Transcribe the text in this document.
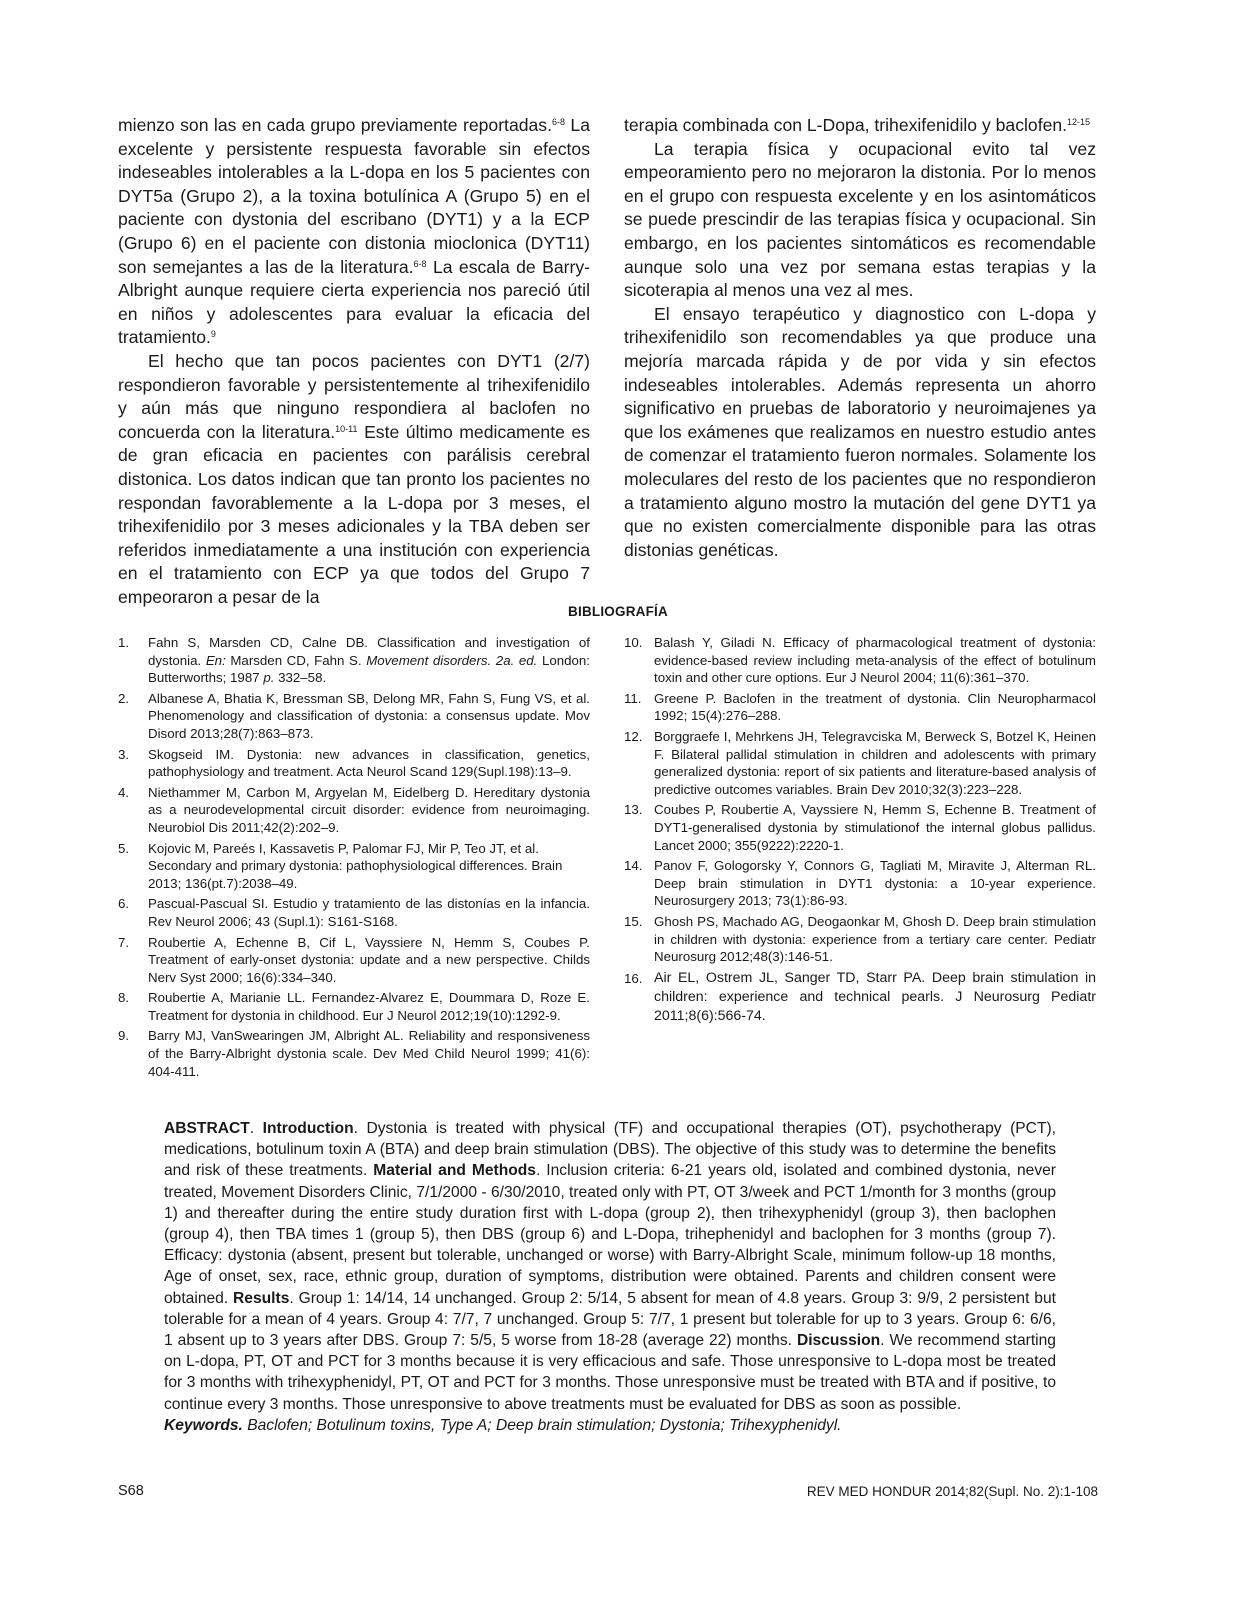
mienzo son las en cada grupo previamente reportadas.$^{6-8}$ La excelente y persistente respuesta favorable sin efectos indeseables intolerables a la L-dopa en los 5 pacientes con DYT5a (Grupo 2), a la toxina botulínica A (Grupo 5) en el paciente con dystonia del escribano (DYT1) y a la ECP (Grupo 6) en el paciente con distonia mioclonica (DYT11) son semejantes a las de la literatura.$^{6-8}$ La escala de Barry-Albright aunque requiere cierta experiencia nos pareció útil en niños y adolescentes para evaluar la eficacia del tratamiento.$^9$

El hecho que tan pocos pacientes con DYT1 (2/7) respondieron favorable y persistentemente al trihexifenidilo y aún más que ninguno respondiera al baclofen no concuerda con la literatura.$^{10-11}$ Este último medicamente es de gran eficacia en pacientes con parálisis cerebral distonica. Los datos indican que tan pronto los pacientes no respondan favorablemente a la L-dopa por 3 meses, el trihexifenidilo por 3 meses adicionales y la TBA deben ser referidos inmediatamente a una institución con experiencia en el tratamiento con ECP ya que todos del Grupo 7 empeoraron a pesar de la

terapia combinada con L-Dopa, trihexifenidilo y baclofen.$^{12-15}$

La terapia física y ocupacional evito tal vez empeoramiento pero no mejoraron la distonia. Por lo menos en el grupo con respuesta excelente y en los asintomáticos se puede prescindir de las terapias física y ocupacional. Sin embargo, en los pacientes sintomáticos es recomendable aunque solo una vez por semana estas terapias y la sicoterapia al menos una vez al mes.

El ensayo terapéutico y diagnostico con L-dopa y trihexifenidilo son recomendables ya que produce una mejoría marcada rápida y de por vida y sin efectos indeseables intolerables. Además representa un ahorro significativo en pruebas de laboratorio y neuroimajenes ya que los exámenes que realizamos en nuestro estudio antes de comenzar el tratamiento fueron normales. Solamente los moleculares del resto de los pacientes que no respondieron a tratamiento alguno mostro la mutación del gene DYT1 ya que no existen comercialmente disponible para las otras distonias genéticas.

BIBLIOGRAFÍA
1. Fahn S, Marsden CD, Calne DB. Classification and investigation of dystonia. En: Marsden CD, Fahn S. Movement disorders. 2a. ed. London: Butterworths; 1987 p. 332–58.
2. Albanese A, Bhatia K, Bressman SB, Delong MR, Fahn S, Fung VS, et al. Phenomenology and classification of dystonia: a consensus update. Mov Disord 2013;28(7):863–873.
3. Skogseid IM. Dystonia: new advances in classification, genetics, pathophysiology and treatment. Acta Neurol Scand 129(Supl.198):13–9.
4. Niethammer M, Carbon M, Argyelan M, Eidelberg D. Hereditary dystonia as a neurodevelopmental circuit disorder: evidence from neuroimaging. Neurobiol Dis 2011;42(2):202–9.
5. Kojovic M, Pareés I, Kassavetis P, Palomar FJ, Mir P, Teo JT, et al. Secondary and primary dystonia: pathophysiological differences. Brain 2013; 136(pt.7):2038–49.
6. Pascual-Pascual SI. Estudio y tratamiento de las distonías en la infancia. Rev Neurol 2006; 43 (Supl.1): S161-S168.
7. Roubertie A, Echenne B, Cif L, Vayssiere N, Hemm S, Coubes P. Treatment of early-onset dystonia: update and a new perspective. Childs Nerv Syst 2000; 16(6):334–340.
8. Roubertie A, Marianie LL. Fernandez-Alvarez E, Doummara D, Roze E. Treatment for dystonia in childhood. Eur J Neurol 2012;19(10):1292-9.
9. Barry MJ, VanSwearingen JM, Albright AL. Reliability and responsiveness of the Barry-Albright dystonia scale. Dev Med Child Neurol 1999; 41(6): 404-411.
10. Balash Y, Giladi N. Efficacy of pharmacological treatment of dystonia: evidence-based review including meta-analysis of the effect of botulinum toxin and other cure options. Eur J Neurol 2004; 11(6):361–370.
11. Greene P. Baclofen in the treatment of dystonia. Clin Neuropharmacol 1992; 15(4):276–288.
12. Borggraefe I, Mehrkens JH, Telegravciska M, Berweck S, Botzel K, Heinen F. Bilateral pallidal stimulation in children and adolescents with primary generalized dystonia: report of six patients and literature-based analysis of predictive outcomes variables. Brain Dev 2010;32(3):223–228.
13. Coubes P, Roubertie A, Vayssiere N, Hemm S, Echenne B. Treatment of DYT1-generalised dystonia by stimulationof the internal globus pallidus. Lancet 2000; 355(9222):2220-1.
14. Panov F, Gologorsky Y, Connors G, Tagliati M, Miravite J, Alterman RL. Deep brain stimulation in DYT1 dystonia: a 10-year experience. Neurosurgery 2013; 73(1):86-93.
15. Ghosh PS, Machado AG, Deogaonkar M, Ghosh D. Deep brain stimulation in children with dystonia: experience from a tertiary care center. Pediatr Neurosurg 2012;48(3):146-51.
16. Air EL, Ostrem JL, Sanger TD, Starr PA. Deep brain stimulation in children: experience and technical pearls. J Neurosurg Pediatr 2011;8(6):566-74.

ABSTRACT. Introduction. Dystonia is treated with physical (TF) and occupational therapies (OT), psychotherapy (PCT), medications, botulinum toxin A (BTA) and deep brain stimulation (DBS). The objective of this study was to determine the benefits and risk of these treatments. Material and Methods. Inclusion criteria: 6-21 years old, isolated and combined dystonia, never treated, Movement Disorders Clinic, 7/1/2000 - 6/30/2010, treated only with PT, OT 3/week and PCT 1/month for 3 months (group 1) and thereafter during the entire study duration first with L-dopa (group 2), then trihexyphenidyl (group 3), then baclophen (group 4), then TBA times 1 (group 5), then DBS (group 6) and L-Dopa, trihephenidyl and baclophen for 3 months (group 7). Efficacy: dystonia (absent, present but tolerable, unchanged or worse) with Barry-Albright Scale, minimum follow-up 18 months, Age of onset, sex, race, ethnic group, duration of symptoms, distribution were obtained. Parents and children consent were obtained. Results. Group 1: 14/14, 14 unchanged. Group 2: 5/14, 5 absent for mean of 4.8 years. Group 3: 9/9, 2 persistent but tolerable for a mean of 4 years. Group 4: 7/7, 7 unchanged. Group 5: 7/7, 1 present but tolerable for up to 3 years. Group 6: 6/6, 1 absent up to 3 years after DBS. Group 7: 5/5, 5 worse from 18-28 (average 22) months. Discussion. We recommend starting on L-dopa, PT, OT and PCT for 3 months because it is very efficacious and safe. Those unresponsive to L-dopa most be treated for 3 months with trihexyphenidyl, PT, OT and PCT for 3 months. Those unresponsive must be treated with BTA and if positive, to continue every 3 months. Those unresponsive to above treatments must be evaluated for DBS as soon as possible.

Keywords. Baclofen; Botulinum toxins, Type A; Deep brain stimulation; Dystonia; Trihexyphenidyl.

S68	REV MED HONDUR 2014;82(Supl. No. 2):1-108
